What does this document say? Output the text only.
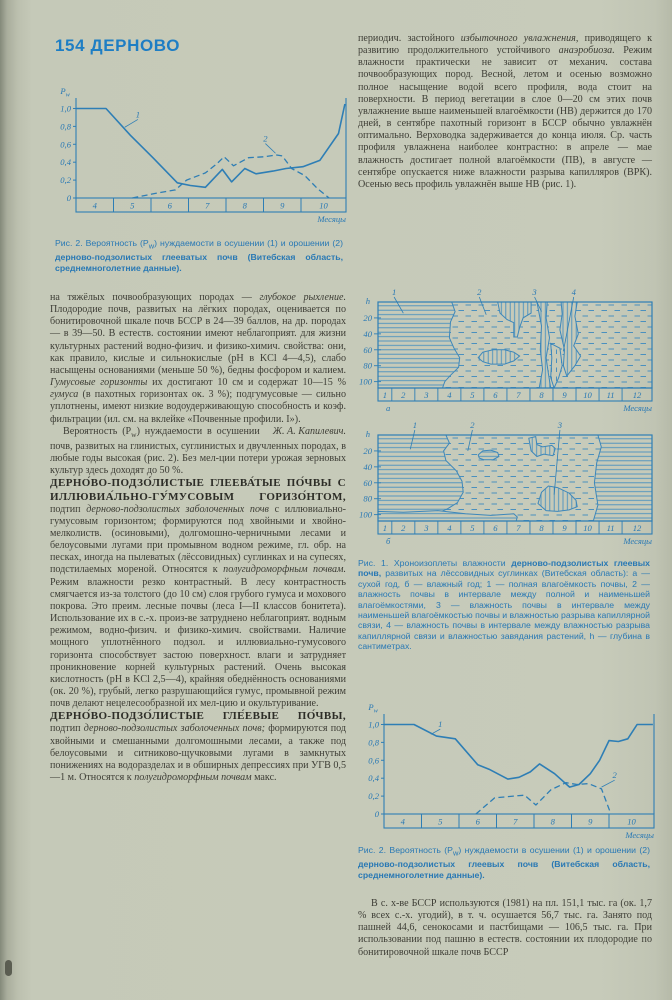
154 ДЕРНОВО
1,0
0,8
0,6
0,4
0,2
0
$P_w$
4	5	6	7	8	9	10
Месяцы
1
2
Рис. 2. Вероятность $(P_w)$ нуждаемости в осушении (1) и орошении (2) дерново-подзолистых глееватых почв (Витебская область, среднемноголетние данные).

на тяжёлых почвообразующих породах — глубокое рыхление. Плодородие почв, развитых на лёгких породах, оценивается по бонитировочной шкале почв БССР в 24—39 баллов, на др. породах — в 39—50. В естеств. состоянии имеют неблагоприят. для жизни культурных растений водно-физич. и физико-химич. свойства: они, как правило, кислые и сильнокислые (pH в KCl 4—4,5), слабо насыщены основаниями (меньше 50 %), бедны фосфором и калием. Гумусовые горизонты их достигают 10 см и содержат 10—15 % гумуса (в пахотных горизонтах ок. 3 %); подгумусовые — сильно уплотнены, имеют низкие водоудерживающую способность и коэф. фильтрации (ил. см. на вклейке «Почвенные профили. I»).

Ж. А. Капилевич.
Вероятность $(P_w)$ нуждаемости в осушении почв, развитых на глинистых, суглинистых и двучленных породах, в любые годы высокая (рис. 2). Без мел-ции потери урожая зерновых культур здесь доходят до 50 %.

ДЕРНО́ВО-ПОДЗО́ЛИСТЫЕ ГЛЕЕВА́ТЫЕ ПО́ЧВЫ С ИЛЛЮВИА́ЛЬНО-ГУ́МУСОВЫМ ГОРИЗО́НТОМ, подтип дерново-подзолистых заболоченных почв с иллювиально-гумусовым горизонтом; формируются под хвойными и хвойно-мелколиств. (осиновыми), долгомошно-черничными лесами и белоусовыми лугами при промывном водном режиме, гл. обр. на песках, иногда на пылеватых (лёссовидных) суглинках и на супесях, подстилаемых мореной. Относятся к полугидроморфным почвам. Режим влажности резко контрастный. В лесу контрастность смягчается из-за толстого (до 10 см) слоя грубого гумуса и мохового покрова. Это преим. лесные почвы (леса I—II классов бонитета). Использование их в с.-х. произ-ве затруднено неблагоприят. водным режимом, водно-физич. и физико-химич. свойствами. Наличие мощного уплотнённого подзол. и иллювиально-гумусового горизонта способствует застою поверхност. влаги и затрудняет проникновение корней культурных растений. Очень высокая кислотность (pH в KCl 2,5—4), крайняя обеднённость основаниями (ок. 20 %), грубый, легко разрушающийся гумус, промывной режим почв делают нецелесообразной их мел-цию и окультуривание.

ДЕРНО́ВО-ПОДЗО́ЛИСТЫЕ ГЛЕ́ЕВЫЕ ПО́ЧВЫ, подтип дерново-подзолистых заболоченных почв; формируются под хвойными и смешанными долгомошными лесами, а также под белоусовыми и ситниково-щучковыми лугами в замкнутых понижениях на водоразделах и в обширных депрессиях при УГВ 0,5—1 м. Относятся к полугидроморфным почвам макс.

периодич. застойного избыточного увлажнения, приводящего к развитию продолжительного устойчивого анаэробиоза. Режим влажности практически не зависит от механич. состава почвообразующих пород. Весной, летом и осенью возможно полное насыщение водой всего профиля, вода стоит на поверхности. В период вегетации в слое 0—20 см этих почв увлажнение выше наименьшей влагоёмкости (НВ) держится до 170 дней, в сентябре пахотный горизонт в БССР обычно увлажнён оптимально. Верховодка задерживается до конца июля. Ср. часть профиля увлажнена наиболее контрастно: в апреле — мае влажность достигает полной влагоёмкости (ПВ), в августе — сентябре опускается ниже влажности разрыва капилляров (ВРК). Осенью весь профиль увлажнён выше НВ (рис. 1).

20
40
60
80
100
h
1 2 3 4 5 6 7 8 9 10 11 12
а	Месяцы
1	2	3	4
20
40
60
80
100
h
1 2 3 4 5 6 7 8 9 10 11 12
б	Месяцы
1	2	3
Рис. 1. Хроноизоплеты влажности дерново-подзолистых глеевых почв, развитых на лёссовидных суглинках (Витебская область): а — сухой год, б — влажный год; 1 — полная влагоёмкость почвы, 2 — влажность почвы в интервале между полной и наименьшей влагоёмкостями, 3 — влажность почвы в интервале между наименьшей влагоёмкостью почвы и влажностью разрыва капиллярной связи, 4 — влажность почвы в интервале между влажностью разрыва капиллярной связи и влажностью завядания растений, h — глубина в сантиметрах.
1,0
0,8
0,6
0,4
0,2
0
$P_w$
4	5	6	7	8	9	10
Месяцы
1
2
Рис. 2. Вероятность $(P_w)$ нуждаемости в осушении (1) и орошении (2) дерново-подзолистых глеевых почв (Витебская область, среднемноголетние данные).

В с. х-ве БССР используются (1981) на пл. 151,1 тыс. га (ок. 1,7 % всех с.-х. угодий), в т. ч. осушается 56,7 тыс. га. Занято под пашней 44,6, сенокосами и пастбищами — 106,5 тыс. га. При использовании под пашню в естеств. состоянии их плодородие по бонитировочной шкале почв БССР
